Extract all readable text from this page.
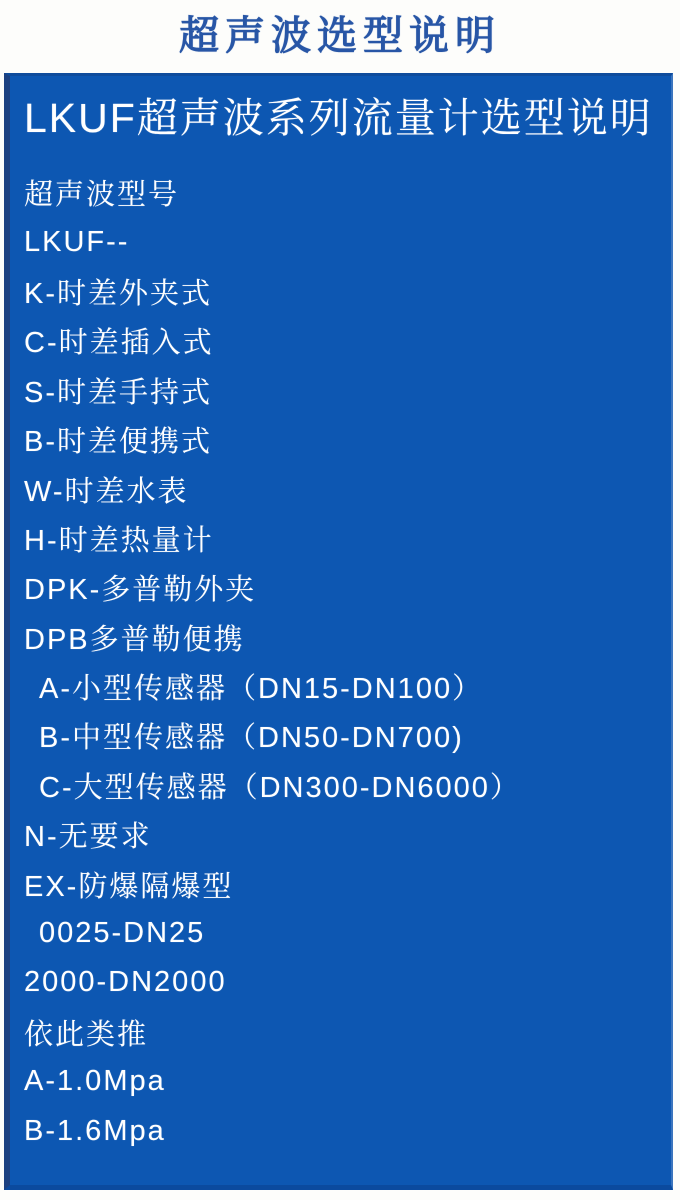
超声波选型说明
LKUF超声波系列流量计选型说明
超声波型号
LKUF--
K-时差外夹式
C-时差插入式
S-时差手持式
B-时差便携式
W-时差水表
H-时差热量计
DPK-多普勒外夹
DPB多普勒便携
A-小型传感器（DN15-DN100）
B-中型传感器（DN50-DN700)
C-大型传感器（DN300-DN6000）
N-无要求
EX-防爆隔爆型
0025-DN25
2000-DN2000
依此类推
A-1.0Mpa
B-1.6Mpa
